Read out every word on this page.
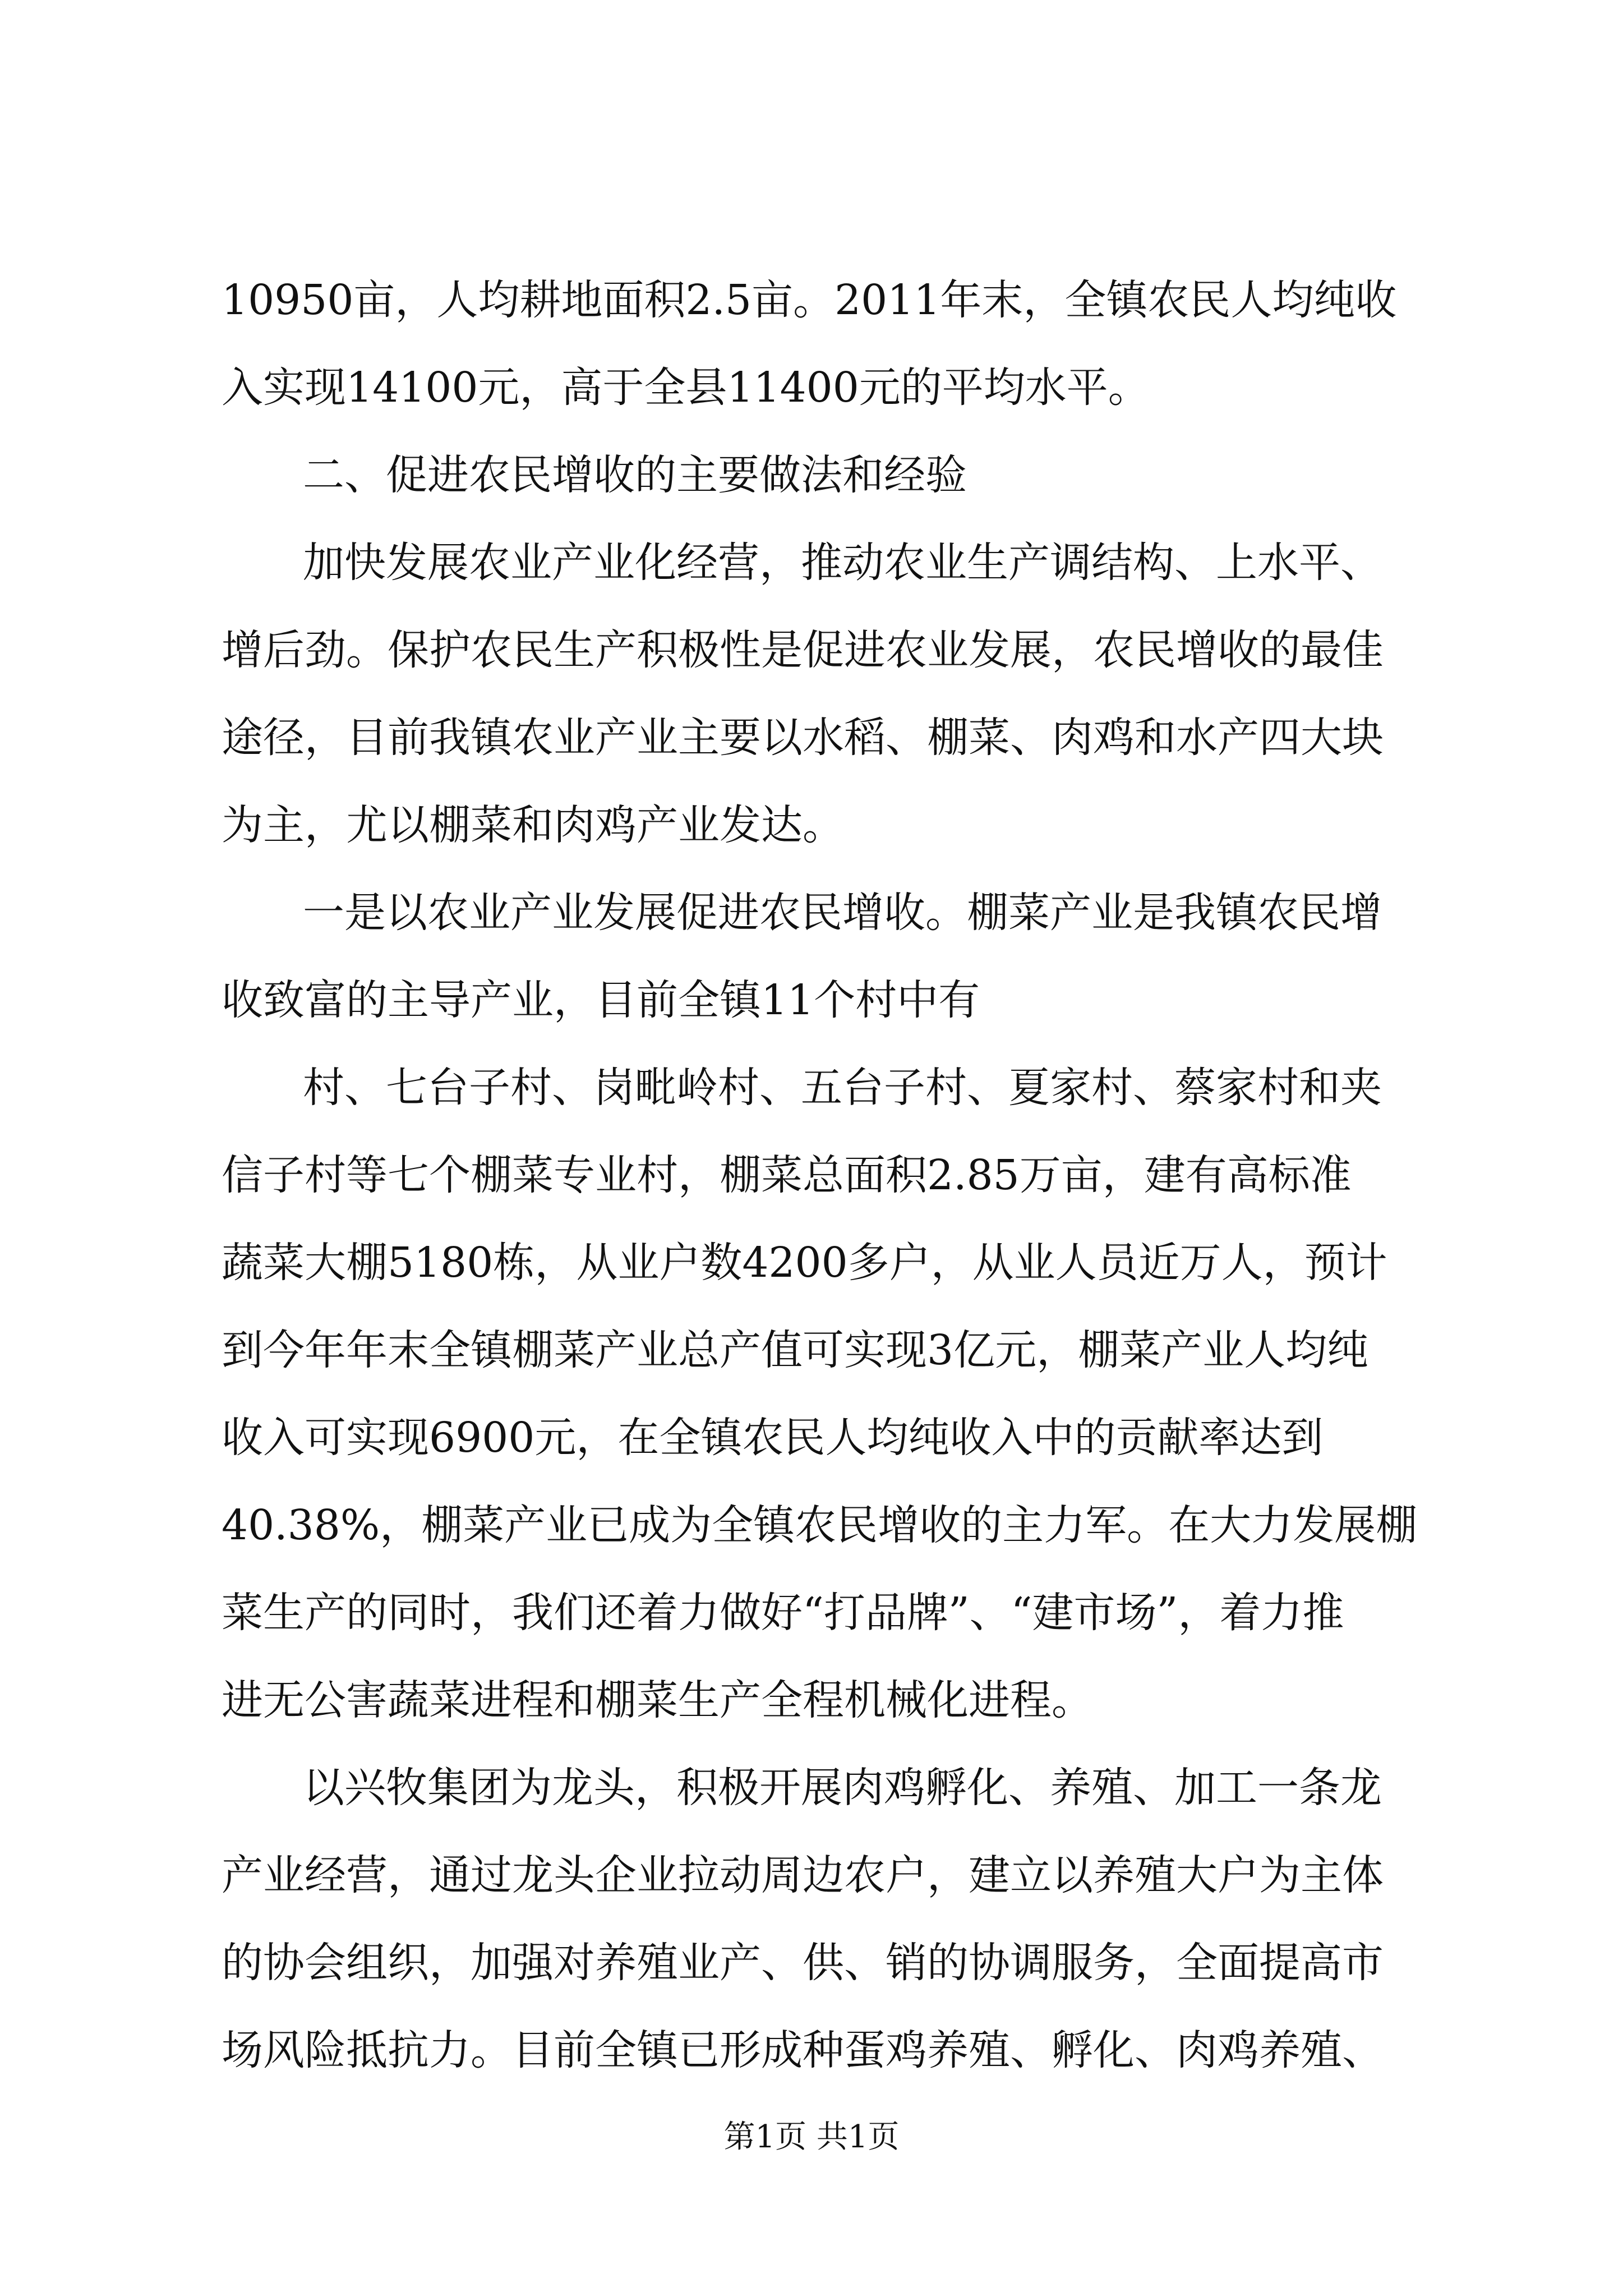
10950亩，人均耕地面积2.5亩。2011年末，全镇农民人均纯收
入实现14100元，高于全县11400元的平均水平。
二、促进农民增收的主要做法和经验
加快发展农业产业化经营，推动农业生产调结构、上水平、
增后劲。保护农民生产积极性是促进农业发展，农民增收的最佳
途径，目前我镇农业产业主要以水稻、棚菜、肉鸡和水产四大块
为主，尤以棚菜和肉鸡产业发达。
一是以农业产业发展促进农民增收。棚菜产业是我镇农民增
收致富的主导产业，目前全镇11个村中有
村、七台子村、岗毗岭村、五台子村、夏家村、蔡家村和夹
信子村等七个棚菜专业村，棚菜总面积2.85万亩，建有高标准
蔬菜大棚5180栋，从业户数4200多户，从业人员近万人，预计
到今年年末全镇棚菜产业总产值可实现3亿元，棚菜产业人均纯
收入可实现6900元，在全镇农民人均纯收入中的贡献率达到
40.38%，棚菜产业已成为全镇农民增收的主力军。在大力发展棚
菜生产的同时，我们还着力做好“打品牌”、“建市场”，着力推
进无公害蔬菜进程和棚菜生产全程机械化进程。
以兴牧集团为龙头，积极开展肉鸡孵化、养殖、加工一条龙
产业经营，通过龙头企业拉动周边农户，建立以养殖大户为主体
的协会组织，加强对养殖业产、供、销的协调服务，全面提高市
场风险抵抗力。目前全镇已形成种蛋鸡养殖、孵化、肉鸡养殖、
第1页 共1页
